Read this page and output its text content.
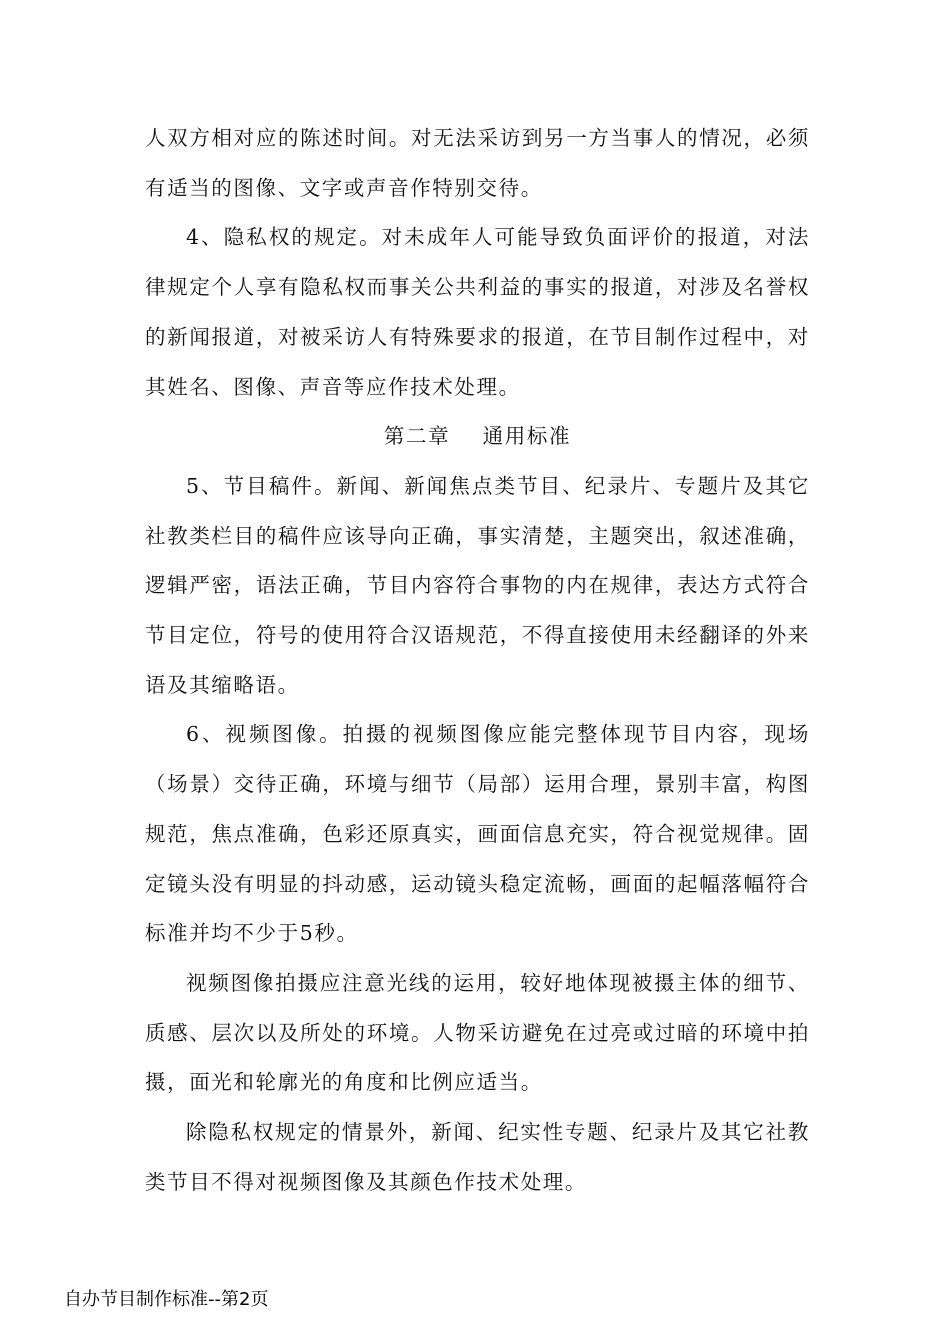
人双方相对应的陈述时间。对无法采访到另一方当事人的情况，必须有适当的图像、文字或声音作特别交待。

4、隐私权的规定。对未成年人可能导致负面评价的报道，对法律规定个人享有隐私权而事关公共利益的事实的报道，对涉及名誉权的新闻报道，对被采访人有特殊要求的报道，在节目制作过程中，对其姓名、图像、声音等应作技术处理。

第二章    通用标准

5、节目稿件。新闻、新闻焦点类节目、纪录片、专题片及其它社教类栏目的稿件应该导向正确，事实清楚，主题突出，叙述准确，逻辑严密，语法正确，节目内容符合事物的内在规律，表达方式符合节目定位，符号的使用符合汉语规范，不得直接使用未经翻译的外来语及其缩略语。

6、视频图像。拍摄的视频图像应能完整体现节目内容，现场（场景）交待正确，环境与细节（局部）运用合理，景别丰富，构图规范，焦点准确，色彩还原真实，画面信息充实，符合视觉规律。固定镜头没有明显的抖动感，运动镜头稳定流畅，画面的起幅落幅符合标准并均不少于5秒。

视频图像拍摄应注意光线的运用，较好地体现被摄主体的细节、质感、层次以及所处的环境。人物采访避免在过亮或过暗的环境中拍摄，面光和轮廓光的角度和比例应适当。

除隐私权规定的情景外，新闻、纪实性专题、纪录片及其它社教类节目不得对视频图像及其颜色作技术处理。

自办节目制作标准--第2页
